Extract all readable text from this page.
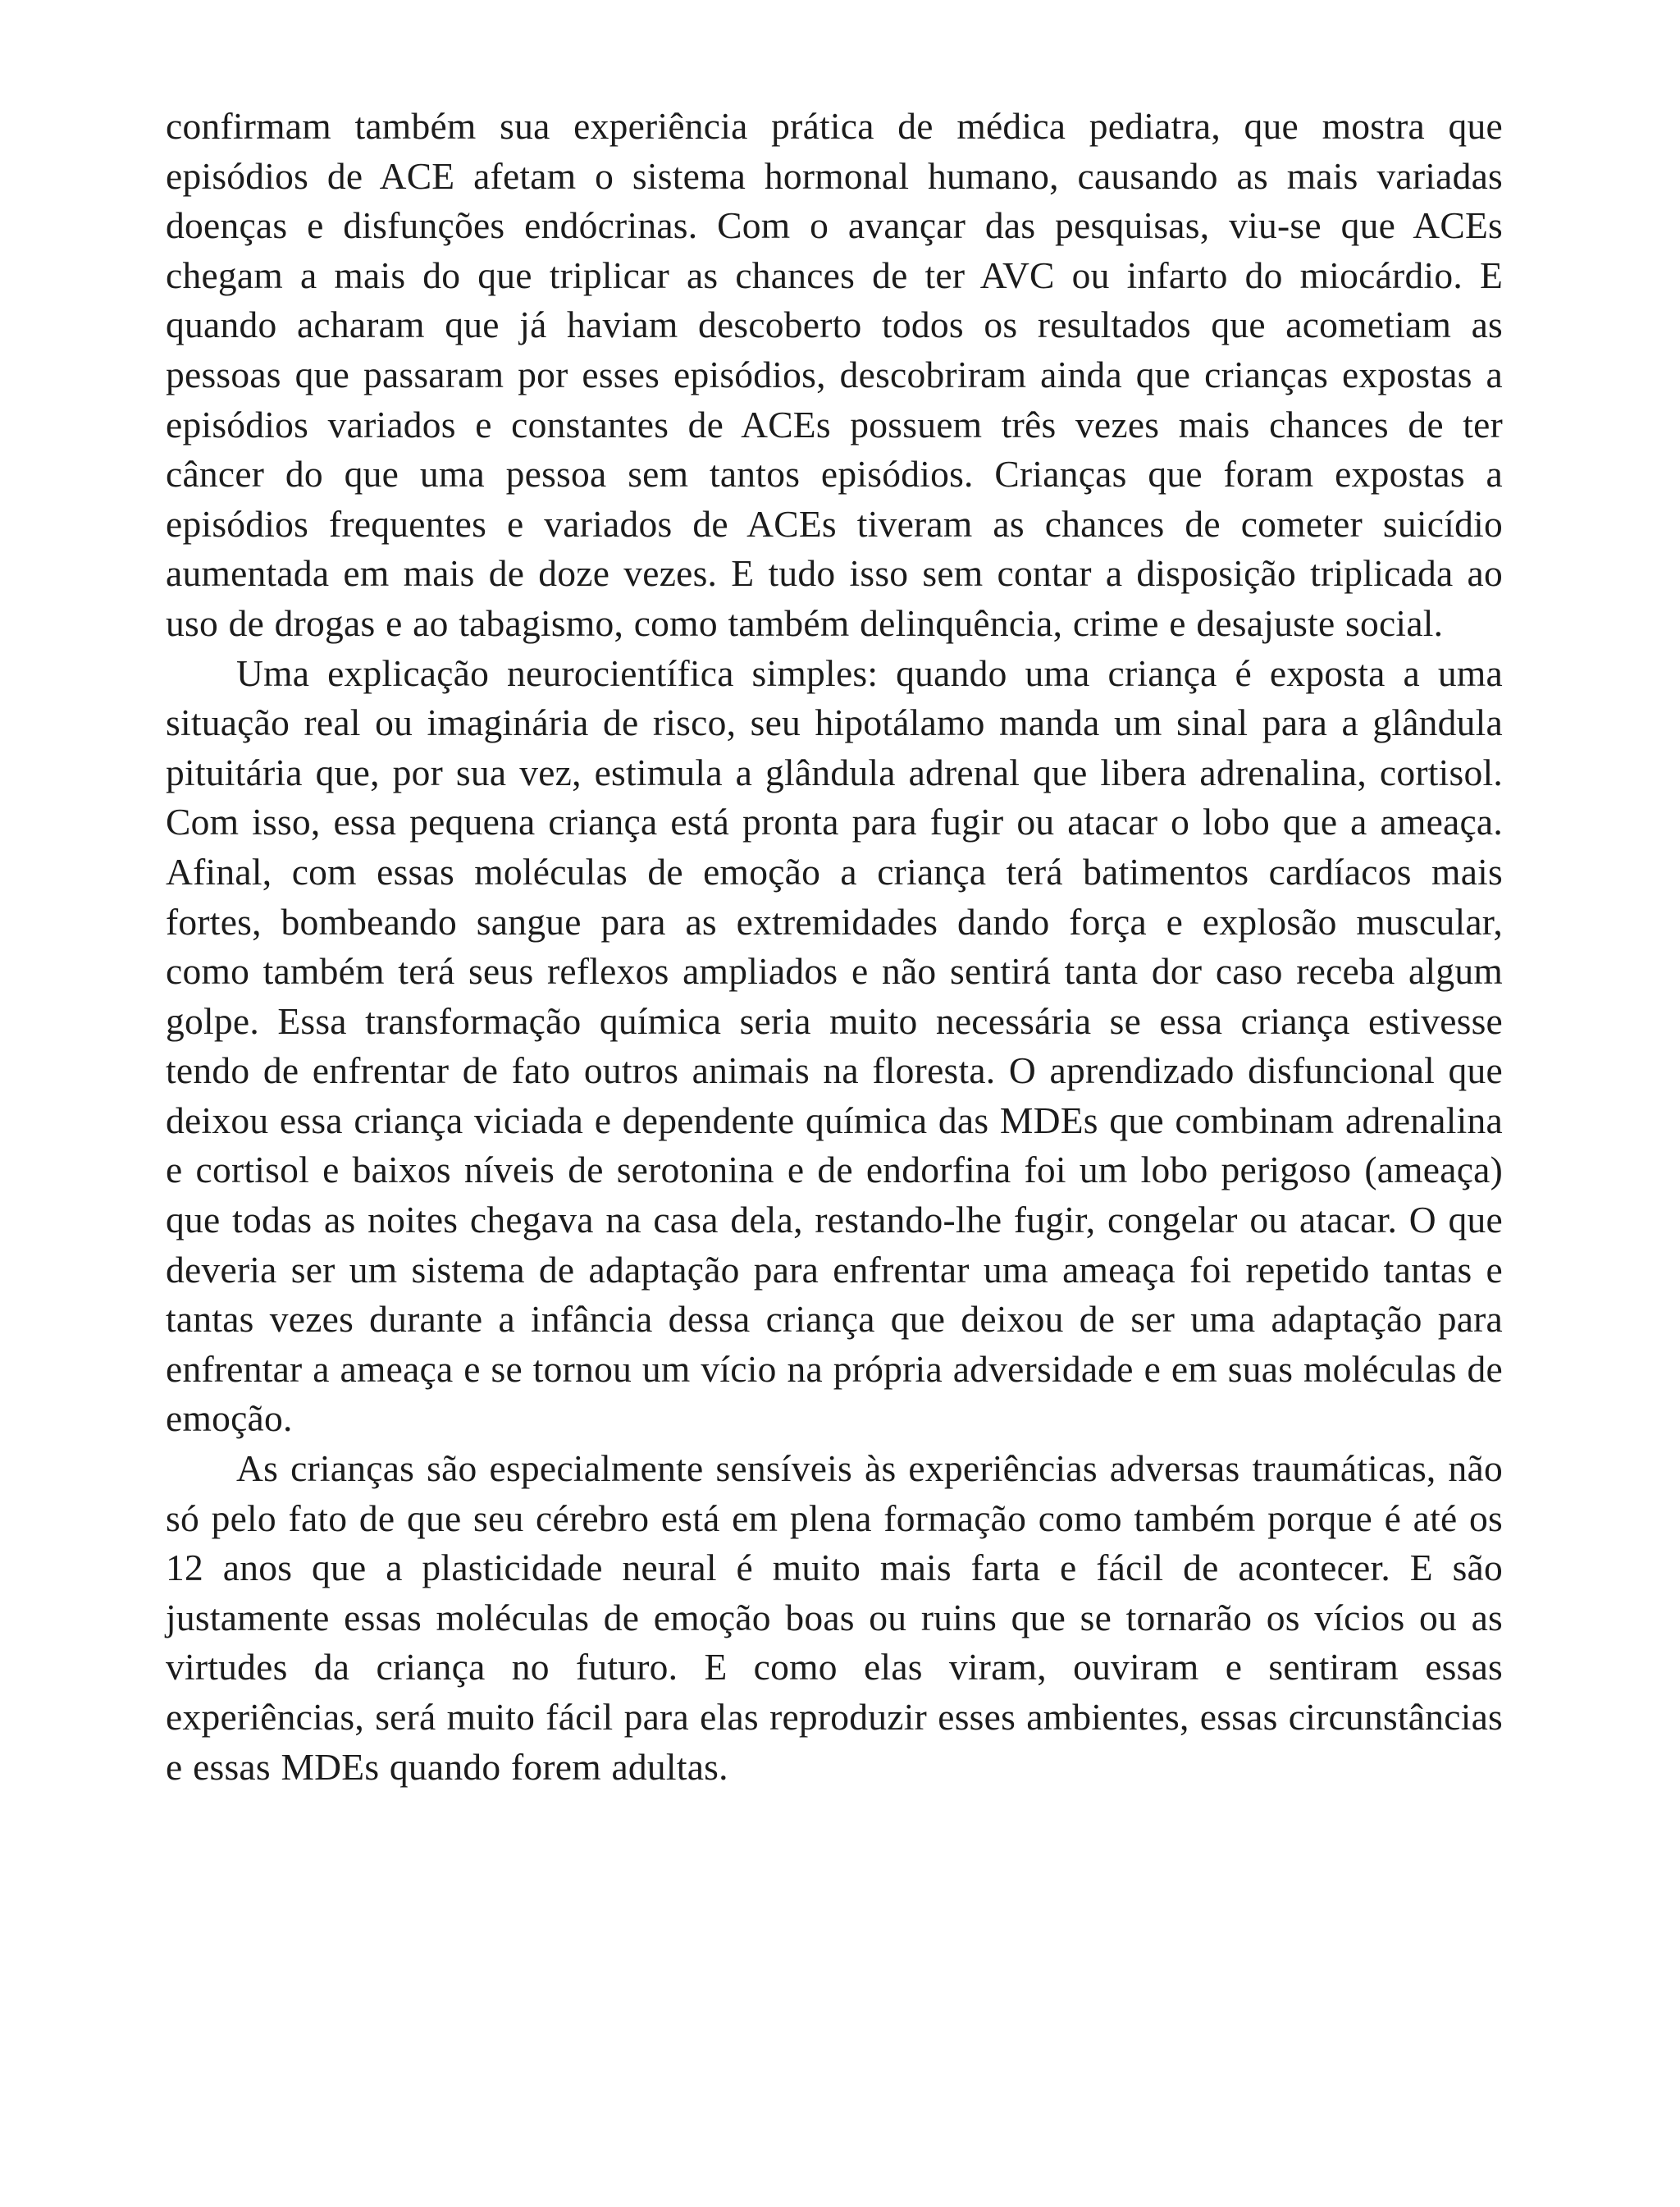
confirmam também sua experiência prática de médica pediatra, que mostra que episódios de ACE afetam o sistema hormonal humano, causando as mais variadas doenças e disfunções endócrinas. Com o avançar das pesquisas, viu-se que ACEs chegam a mais do que triplicar as chances de ter AVC ou infarto do miocárdio. E quando acharam que já haviam descoberto todos os resultados que acometiam as pessoas que passaram por esses episódios, descobriram ainda que crianças expostas a episódios variados e constantes de ACEs possuem três vezes mais chances de ter câncer do que uma pessoa sem tantos episódios. Crianças que foram expostas a episódios frequentes e variados de ACEs tiveram as chances de cometer suicídio aumentada em mais de doze vezes. E tudo isso sem contar a disposição triplicada ao uso de drogas e ao tabagismo, como também delinquência, crime e desajuste social.

Uma explicação neurocientífica simples: quando uma criança é exposta a uma situação real ou imaginária de risco, seu hipotálamo manda um sinal para a glândula pituitária que, por sua vez, estimula a glândula adrenal que libera adrenalina, cortisol. Com isso, essa pequena criança está pronta para fugir ou atacar o lobo que a ameaça. Afinal, com essas moléculas de emoção a criança terá batimentos cardíacos mais fortes, bombeando sangue para as extremidades dando força e explosão muscular, como também terá seus reflexos ampliados e não sentirá tanta dor caso receba algum golpe. Essa transformação química seria muito necessária se essa criança estivesse tendo de enfrentar de fato outros animais na floresta. O aprendizado disfuncional que deixou essa criança viciada e dependente química das MDEs que combinam adrenalina e cortisol e baixos níveis de serotonina e de endorfina foi um lobo perigoso (ameaça) que todas as noites chegava na casa dela, restando-lhe fugir, congelar ou atacar. O que deveria ser um sistema de adaptação para enfrentar uma ameaça foi repetido tantas e tantas vezes durante a infância dessa criança que deixou de ser uma adaptação para enfrentar a ameaça e se tornou um vício na própria adversidade e em suas moléculas de emoção.

As crianças são especialmente sensíveis às experiências adversas traumáticas, não só pelo fato de que seu cérebro está em plena formação como também porque é até os 12 anos que a plasticidade neural é muito mais farta e fácil de acontecer. E são justamente essas moléculas de emoção boas ou ruins que se tornarão os vícios ou as virtudes da criança no futuro. E como elas viram, ouviram e sentiram essas experiências, será muito fácil para elas reproduzir esses ambientes, essas circunstâncias e essas MDEs quando forem adultas.
